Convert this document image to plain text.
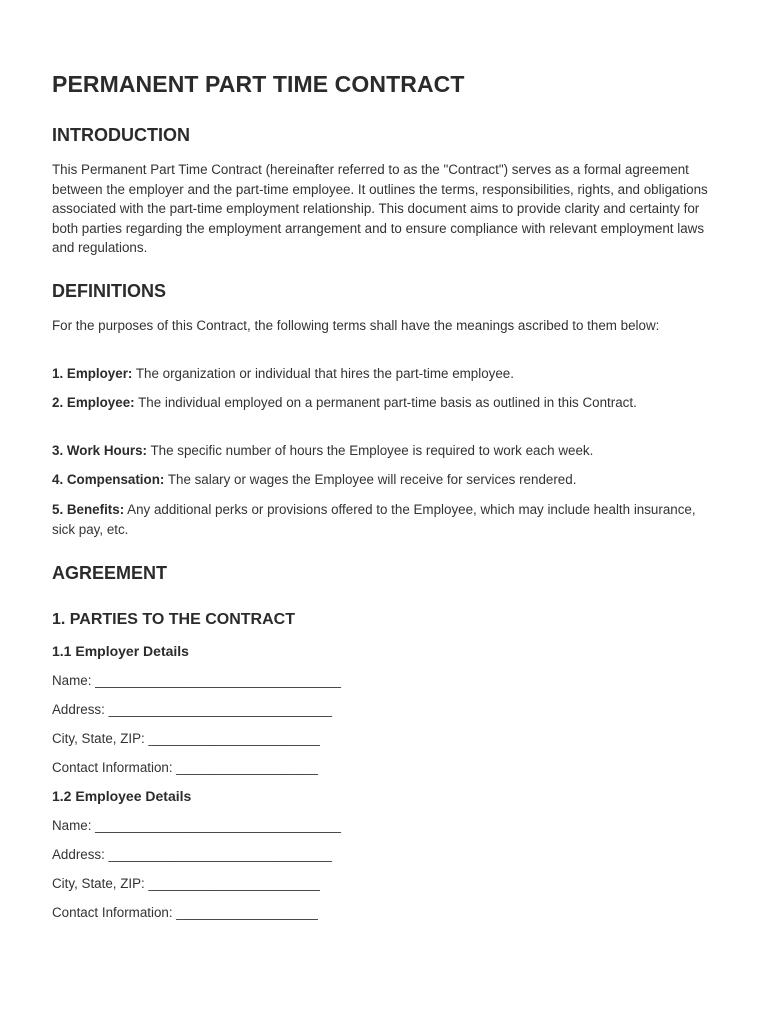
PERMANENT PART TIME CONTRACT
INTRODUCTION

This Permanent Part Time Contract (hereinafter referred to as the "Contract") serves as a formal agreement between the employer and the part-time employee. It outlines the terms, responsibilities, rights, and obligations associated with the part-time employment relationship. This document aims to provide clarity and certainty for both parties regarding the employment arrangement and to ensure compliance with relevant employment laws and regulations.

DEFINITIONS

For the purposes of this Contract, the following terms shall have the meanings ascribed to them below:

1. Employer: The organization or individual that hires the part-time employee.

2. Employee: The individual employed on a permanent part-time basis as outlined in this Contract.

3. Work Hours: The specific number of hours the Employee is required to work each week.

4. Compensation: The salary or wages the Employee will receive for services rendered.

5. Benefits: Any additional perks or provisions offered to the Employee, which may include health insurance, sick pay, etc.

AGREEMENT
1. PARTIES TO THE CONTRACT
1.1 Employer Details

Name: _________________________________

Address: ______________________________

City, State, ZIP: _______________________

Contact Information: ___________________

1.2 Employee Details

Name: _________________________________

Address: ______________________________

City, State, ZIP: _______________________

Contact Information: ___________________
